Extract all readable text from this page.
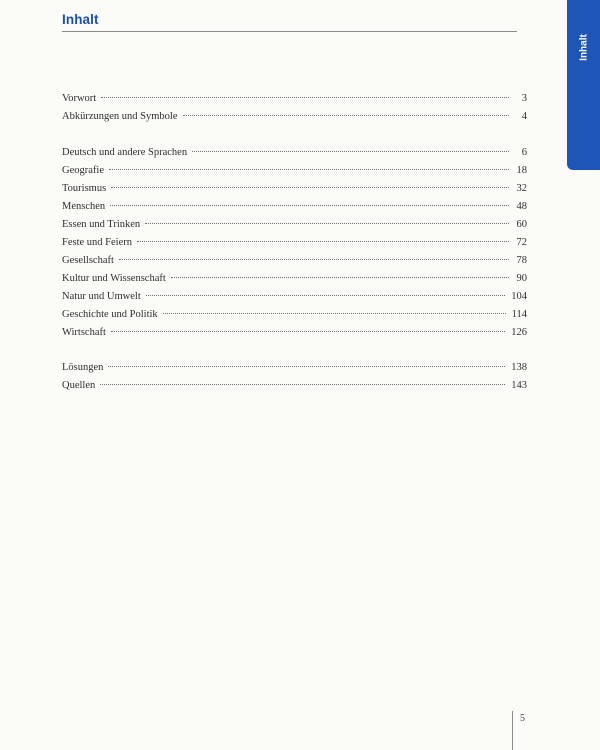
Inhalt
Inhalt
Vorwort	3
Abkürzungen und Symbole	4
Deutsch und andere Sprachen	6
Geografie	18
Tourismus	32
Menschen	48
Essen und Trinken	60
Feste und Feiern	72
Gesellschaft	78
Kultur und Wissenschaft	90
Natur und Umwelt	104
Geschichte und Politik	114
Wirtschaft	126
Lösungen	138
Quellen	143
5
